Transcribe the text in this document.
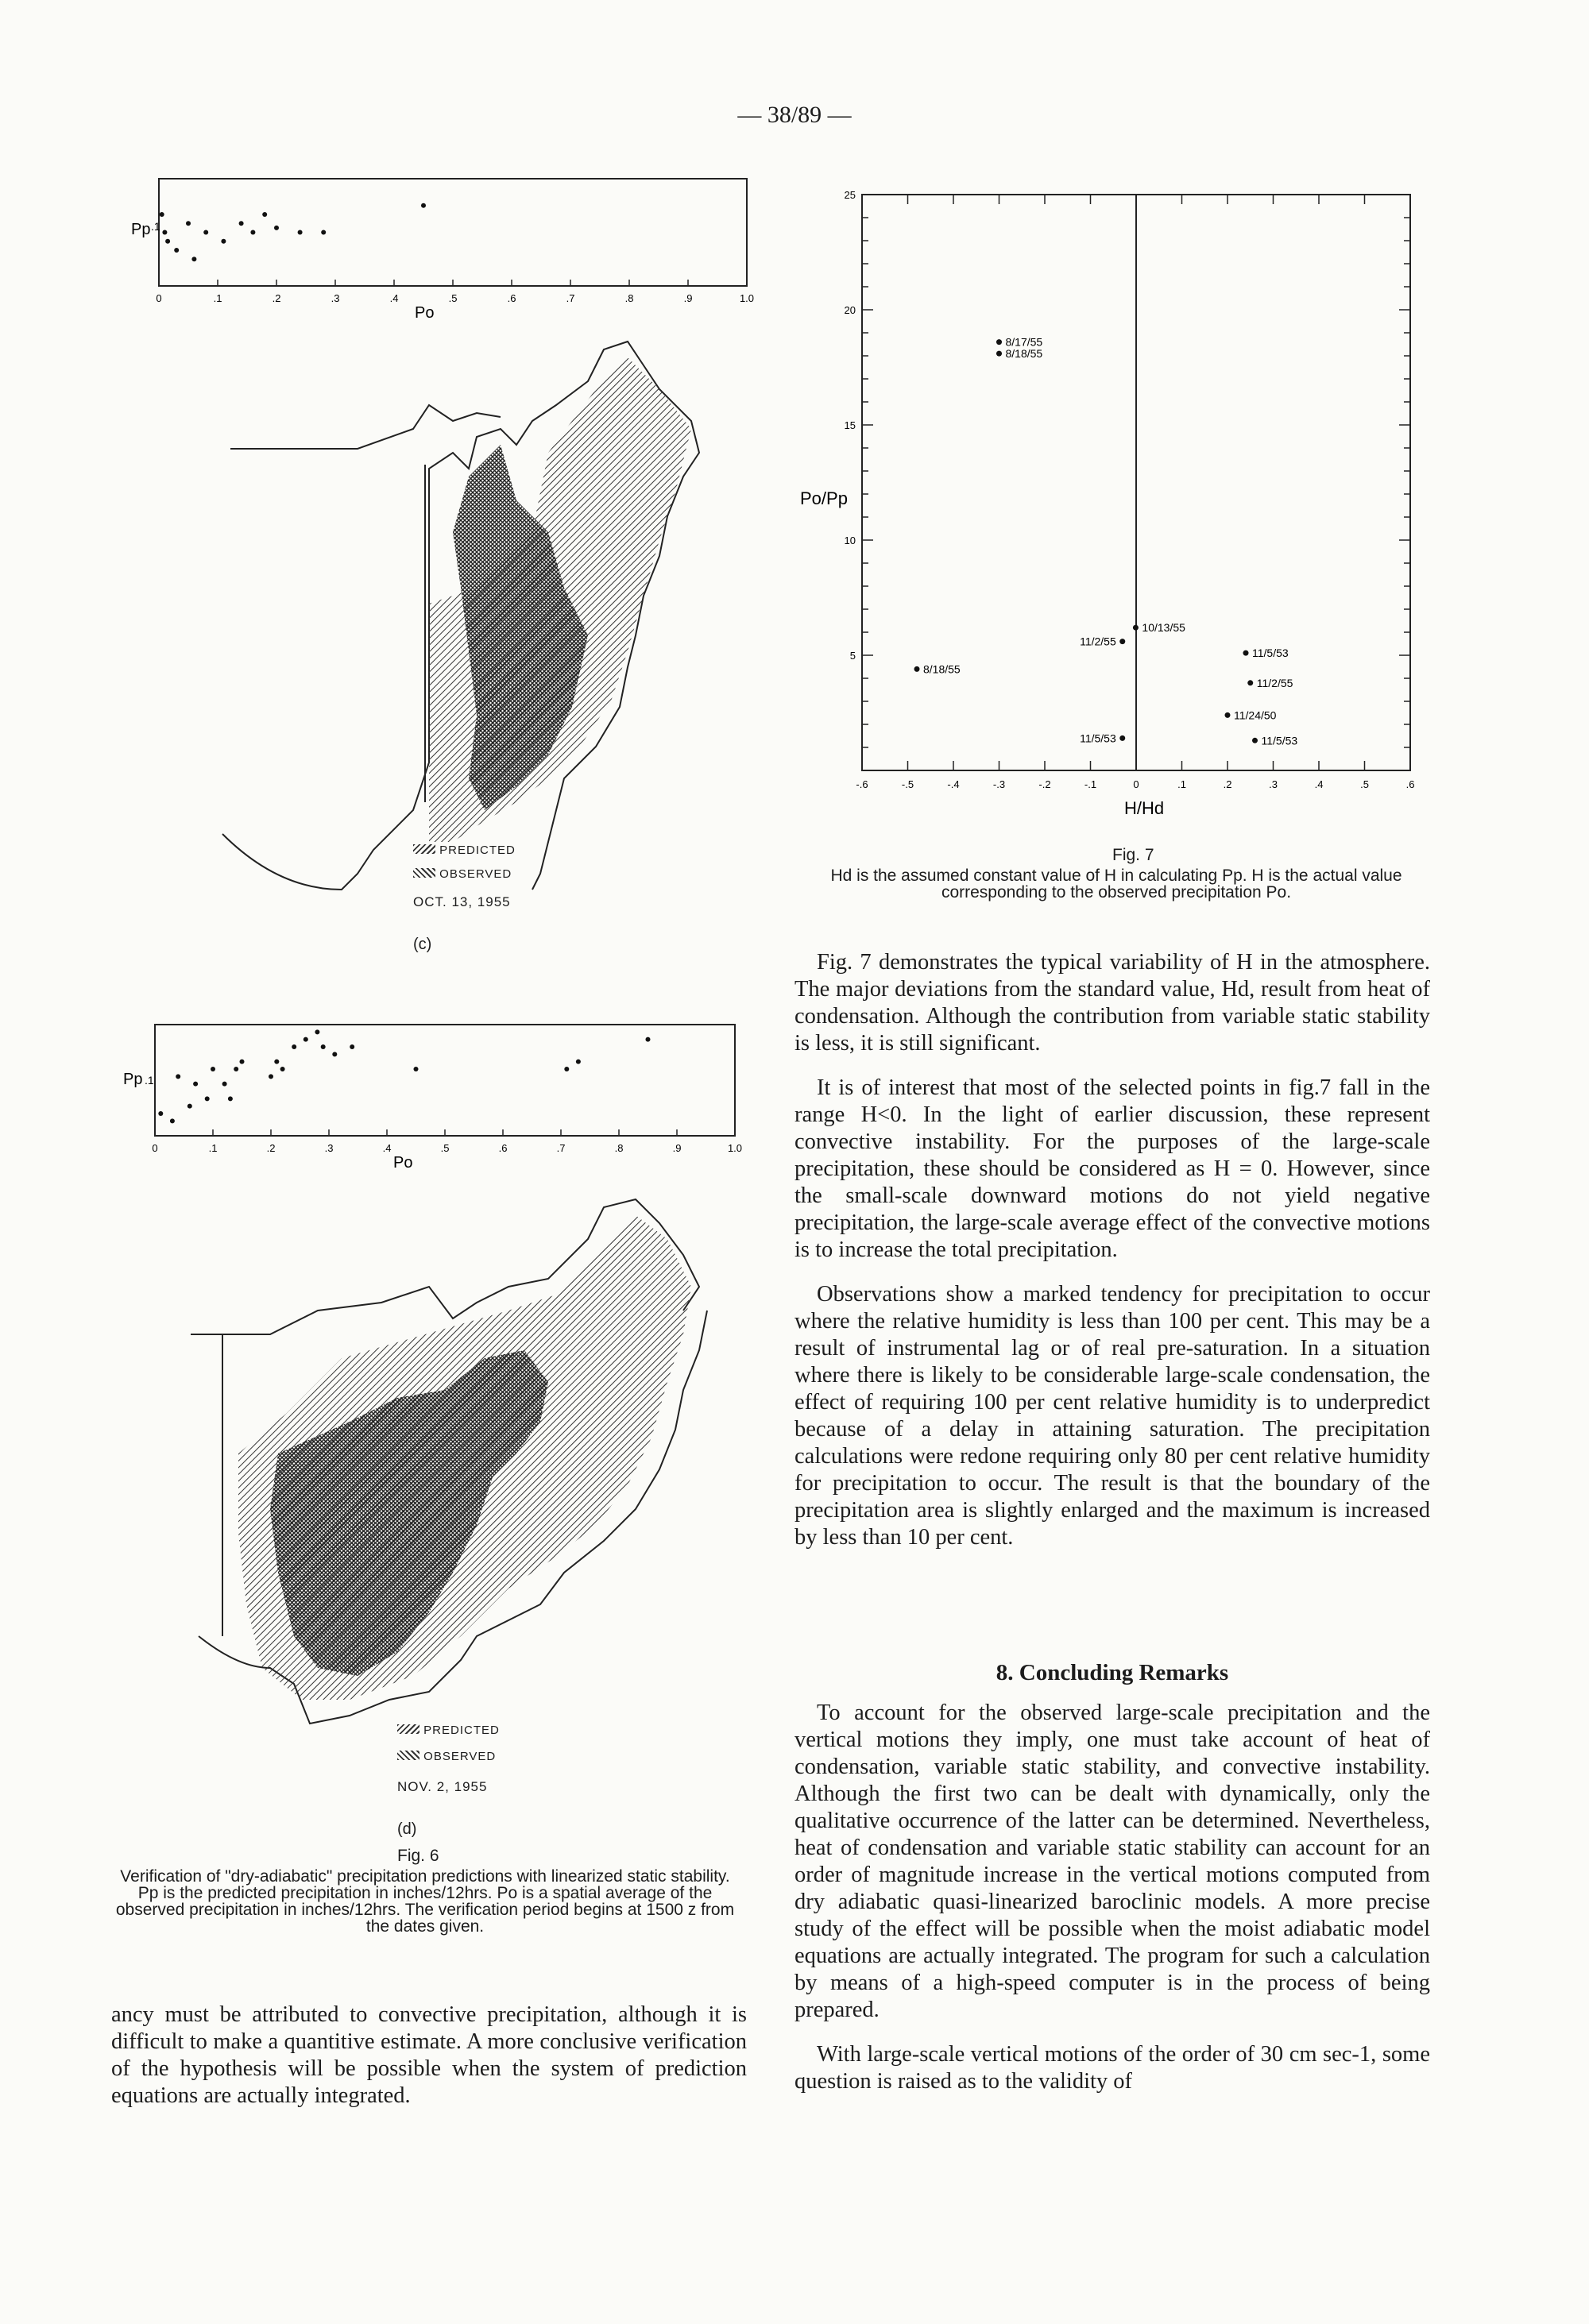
— 38/89 —
0	.1	.2	.3	.4	.5	.6	.7	.8	.9	1.0
Pp .1
Po
PREDICTED
OBSERVED
OCT. 13, 1955
(c)
0	.1	.2	.3	.4	.5	.6	.7	.8	.9	1.0
Pp .1
Po
PREDICTED
OBSERVED
NOV. 2, 1955
(d)
Fig. 6
Verification of "dry-adiabatic" precipitation predictions with linearized static stability. Pp is the predicted precipitation in inches/12hrs. Po is a spatial average of the observed precipitation in inches/12hrs. The verification period begins at 1500 z from the dates given.

ancy must be attributed to convective precipitation, although it is difficult to make a quantitive estimate. A more conclusive verification of the hypothesis will be possible when the system of prediction equations are actually integrated.

-.6	-.5	-.4	-.3	-.2	-.1	0	.1	.2	.3	.4	.5	.6
5
10
15
20
25
8/17/55
8/18/55
8/18/55
10/13/55
11/2/55
11/5/53
11/5/53
11/2/55
11/24/50
11/5/53
Po/Pp
H/Hd
Fig. 7
Hd is the assumed constant value of H in calculating Pp. H is the actual value corresponding to the observed precipitation Po.

Fig. 7 demonstrates the typical variability of H in the atmosphere. The major deviations from the standard value, Hd, result from heat of condensation. Although the contribution from variable static stability is less, it is still significant.

It is of interest that most of the selected points in fig.7 fall in the range H<0. In the light of earlier discussion, these represent convective instability. For the purposes of the large-scale precipitation, these should be considered as H = 0. However, since the small-scale downward motions do not yield negative precipitation, the large-scale average effect of the convective motions is to increase the total precipitation.

Observations show a marked tendency for precipitation to occur where the relative humidity is less than 100 per cent. This may be a result of instrumental lag or of real pre-saturation. In a situation where there is likely to be considerable large-scale condensation, the effect of requiring 100 per cent relative humidity is to underpredict because of a delay in attaining saturation. The precipitation calculations were redone requiring only 80 per cent relative humidity for precipitation to occur. The result is that the boundary of the precipitation area is slightly enlarged and the maximum is increased by less than 10 per cent.

8. Concluding Remarks

To account for the observed large-scale precipitation and the vertical motions they imply, one must take account of heat of condensation, variable static stability, and convective instability. Although the first two can be dealt with dynamically, only the qualitative occurrence of the latter can be determined. Nevertheless, heat of condensation and variable static stability can account for an order of magnitude increase in the vertical motions computed from dry adiabatic quasi-linearized baroclinic models. A more precise study of the effect will be possible when the moist adiabatic model equations are actually integrated. The program for such a calculation by means of a high-speed computer is in the process of being prepared.

With large-scale vertical motions of the order of 30 cm sec-1, some question is raised as to the validity of
